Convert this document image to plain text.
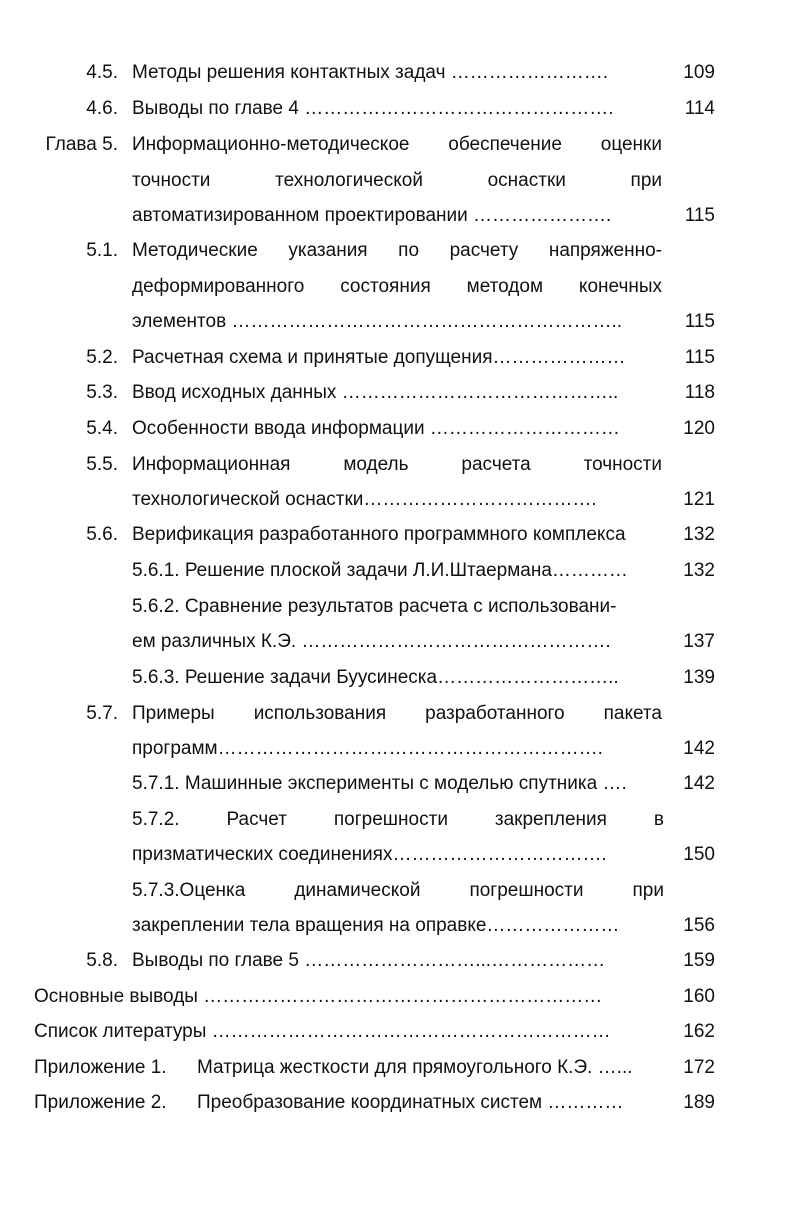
4.5. Методы решения контактных задач …………………….	109
4.6. Выводы по главе 4 ………………………………………….	114
Глава 5. Информационно-методическое обеспечение оценки
точности	технологической	оснастки	при
автоматизированном проектировании ………………….	115
5.1. Методические указания по расчету напряженно-
деформированного состояния методом конечных
элементов ……………………………………………………..	115
5.2. Расчетная схема и принятые допущения…………………	115
5.3. Ввод исходных данных ……………………………………..	118
5.4. Особенности ввода информации …………………………	120
5.5. Информационная	модель	расчета	точности
технологической оснастки……………………………….	121
5.6. Верификация разработанного программного комплекса	132
5.6.1. Решение плоской задачи Л.И.Штаермана…………	132
5.6.2. Сравнение результатов расчета с использовани-
ем различных К.Э. ………………………………………….	137
5.6.3. Решение задачи Буусинеска………………………..	139
5.7. Примеры использования разработанного пакета
программ…………………………………………………….	142
5.7.1. Машинные эксперименты с моделью спутника ….	142
5.7.2. Расчет погрешности закрепления в
призматических соединениях…………………………….	150
5.7.3.Оценка	динамической	погрешности	при
закреплении тела вращения на оправке…………………	156
5.8. Выводы по главе 5 ………………………...………………	159
Основные выводы ………………………………………………………	160
Список литературы ………………………………………………………	162
Приложение 1. Матрица жесткости для прямоугольного К.Э. …...	172
Приложение 2. Преобразование координатных систем …………	189
